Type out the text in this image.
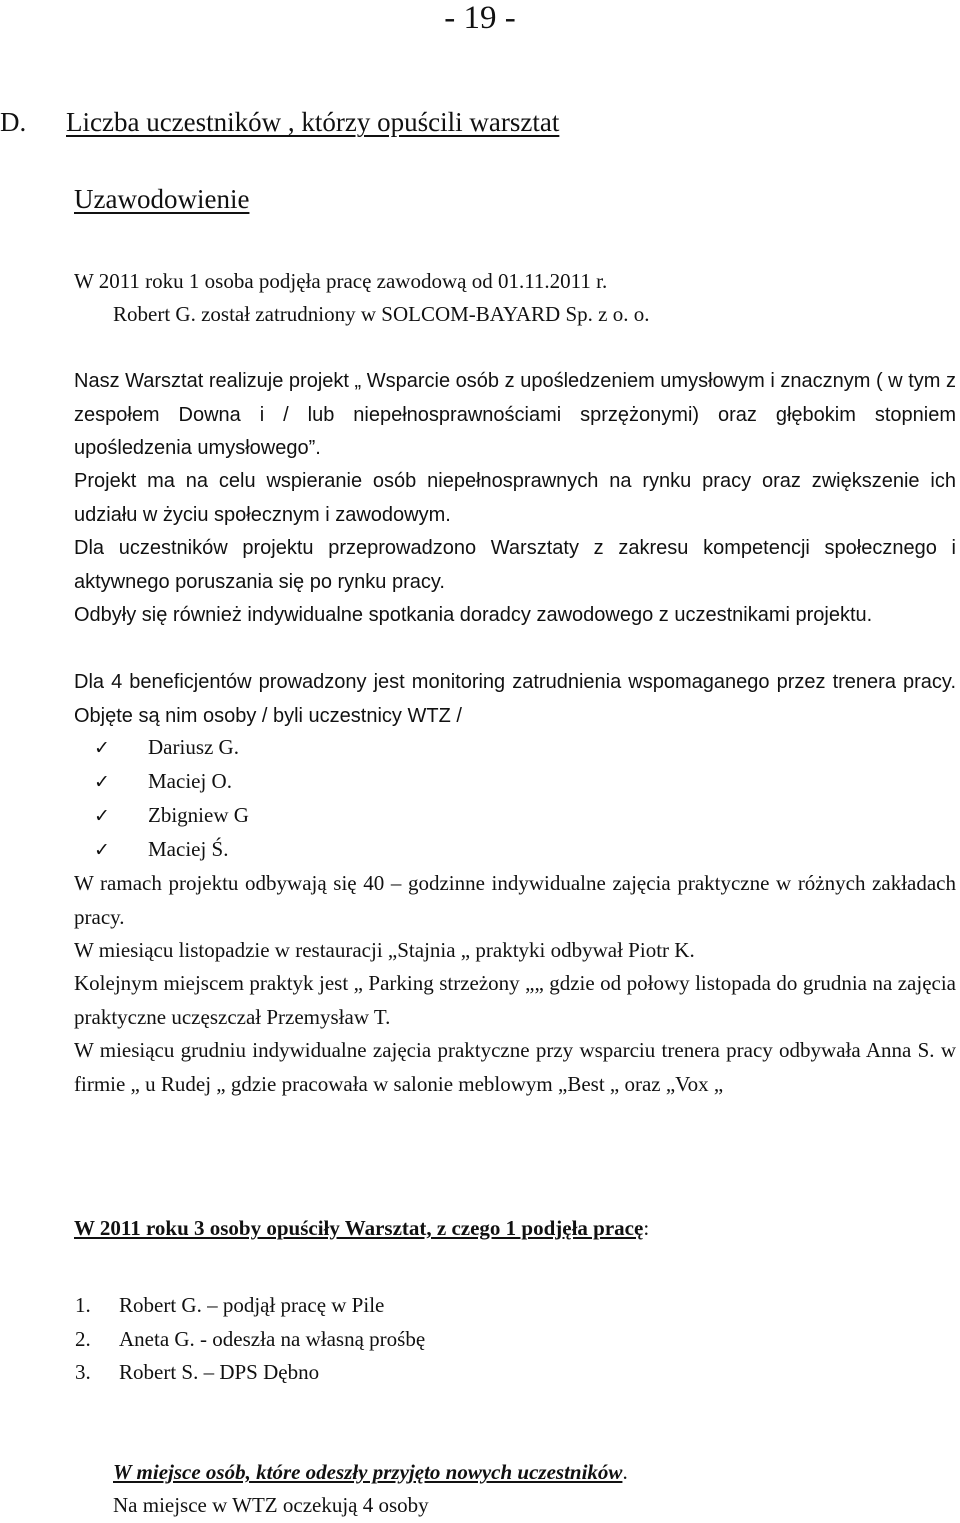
- 19 -
D. Liczba uczestników , którzy opuścili warsztat
Uzawodowienie
W 2011 roku 1 osoba podjęła pracę zawodową od 01.11.2011 r.
Robert G. został zatrudniony w SOLCOM-BAYARD Sp. z o. o.

Nasz Warsztat realizuje projekt „ Wsparcie osób z upośledzeniem umysłowym i znacznym ( w tym z zespołem Downa i / lub niepełnosprawnościami sprzężonymi) oraz głębokim stopniem upośledzenia umysłowego”.

Projekt ma na celu wspieranie osób niepełnosprawnych na rynku pracy oraz zwiększenie ich udziału w życiu społecznym i zawodowym.

Dla uczestników projektu przeprowadzono Warsztaty z zakresu kompetencji społecznego i aktywnego poruszania się po rynku pracy.

Odbyły się również indywidualne spotkania doradcy zawodowego z uczestnikami projektu.

Dla 4 beneficjentów prowadzony jest monitoring zatrudnienia wspomaganego przez trenera pracy. Objęte są nim osoby / byli uczestnicy WTZ /

✓ Dariusz G.
✓ Maciej O.
✓ Zbigniew G
✓ Maciej Ś.

W ramach projektu odbywają się 40 – godzinne indywidualne zajęcia praktyczne w różnych zakładach pracy.

W miesiącu listopadzie w restauracji „Stajnia „ praktyki odbywał Piotr K.

Kolejnym miejscem praktyk jest „ Parking strzeżony „„ gdzie od połowy listopada do grudnia na zajęcia praktyczne uczęszczał Przemysław T.

W miesiącu grudniu indywidualne zajęcia praktyczne przy wsparciu trenera pracy odbywała Anna S. w firmie „ u Rudej „ gdzie pracowała w salonie meblowym „Best „ oraz „Vox „

W 2011 roku 3 osoby opuściły Warsztat, z czego 1 podjęła pracę:
1. Robert G. – podjął pracę w Pile
2. Aneta G. - odeszła na własną prośbę
3. Robert S. – DPS Dębno
W miejsce osób, które odeszły przyjęto nowych uczestników.
Na miejsce w WTZ oczekują 4 osoby
